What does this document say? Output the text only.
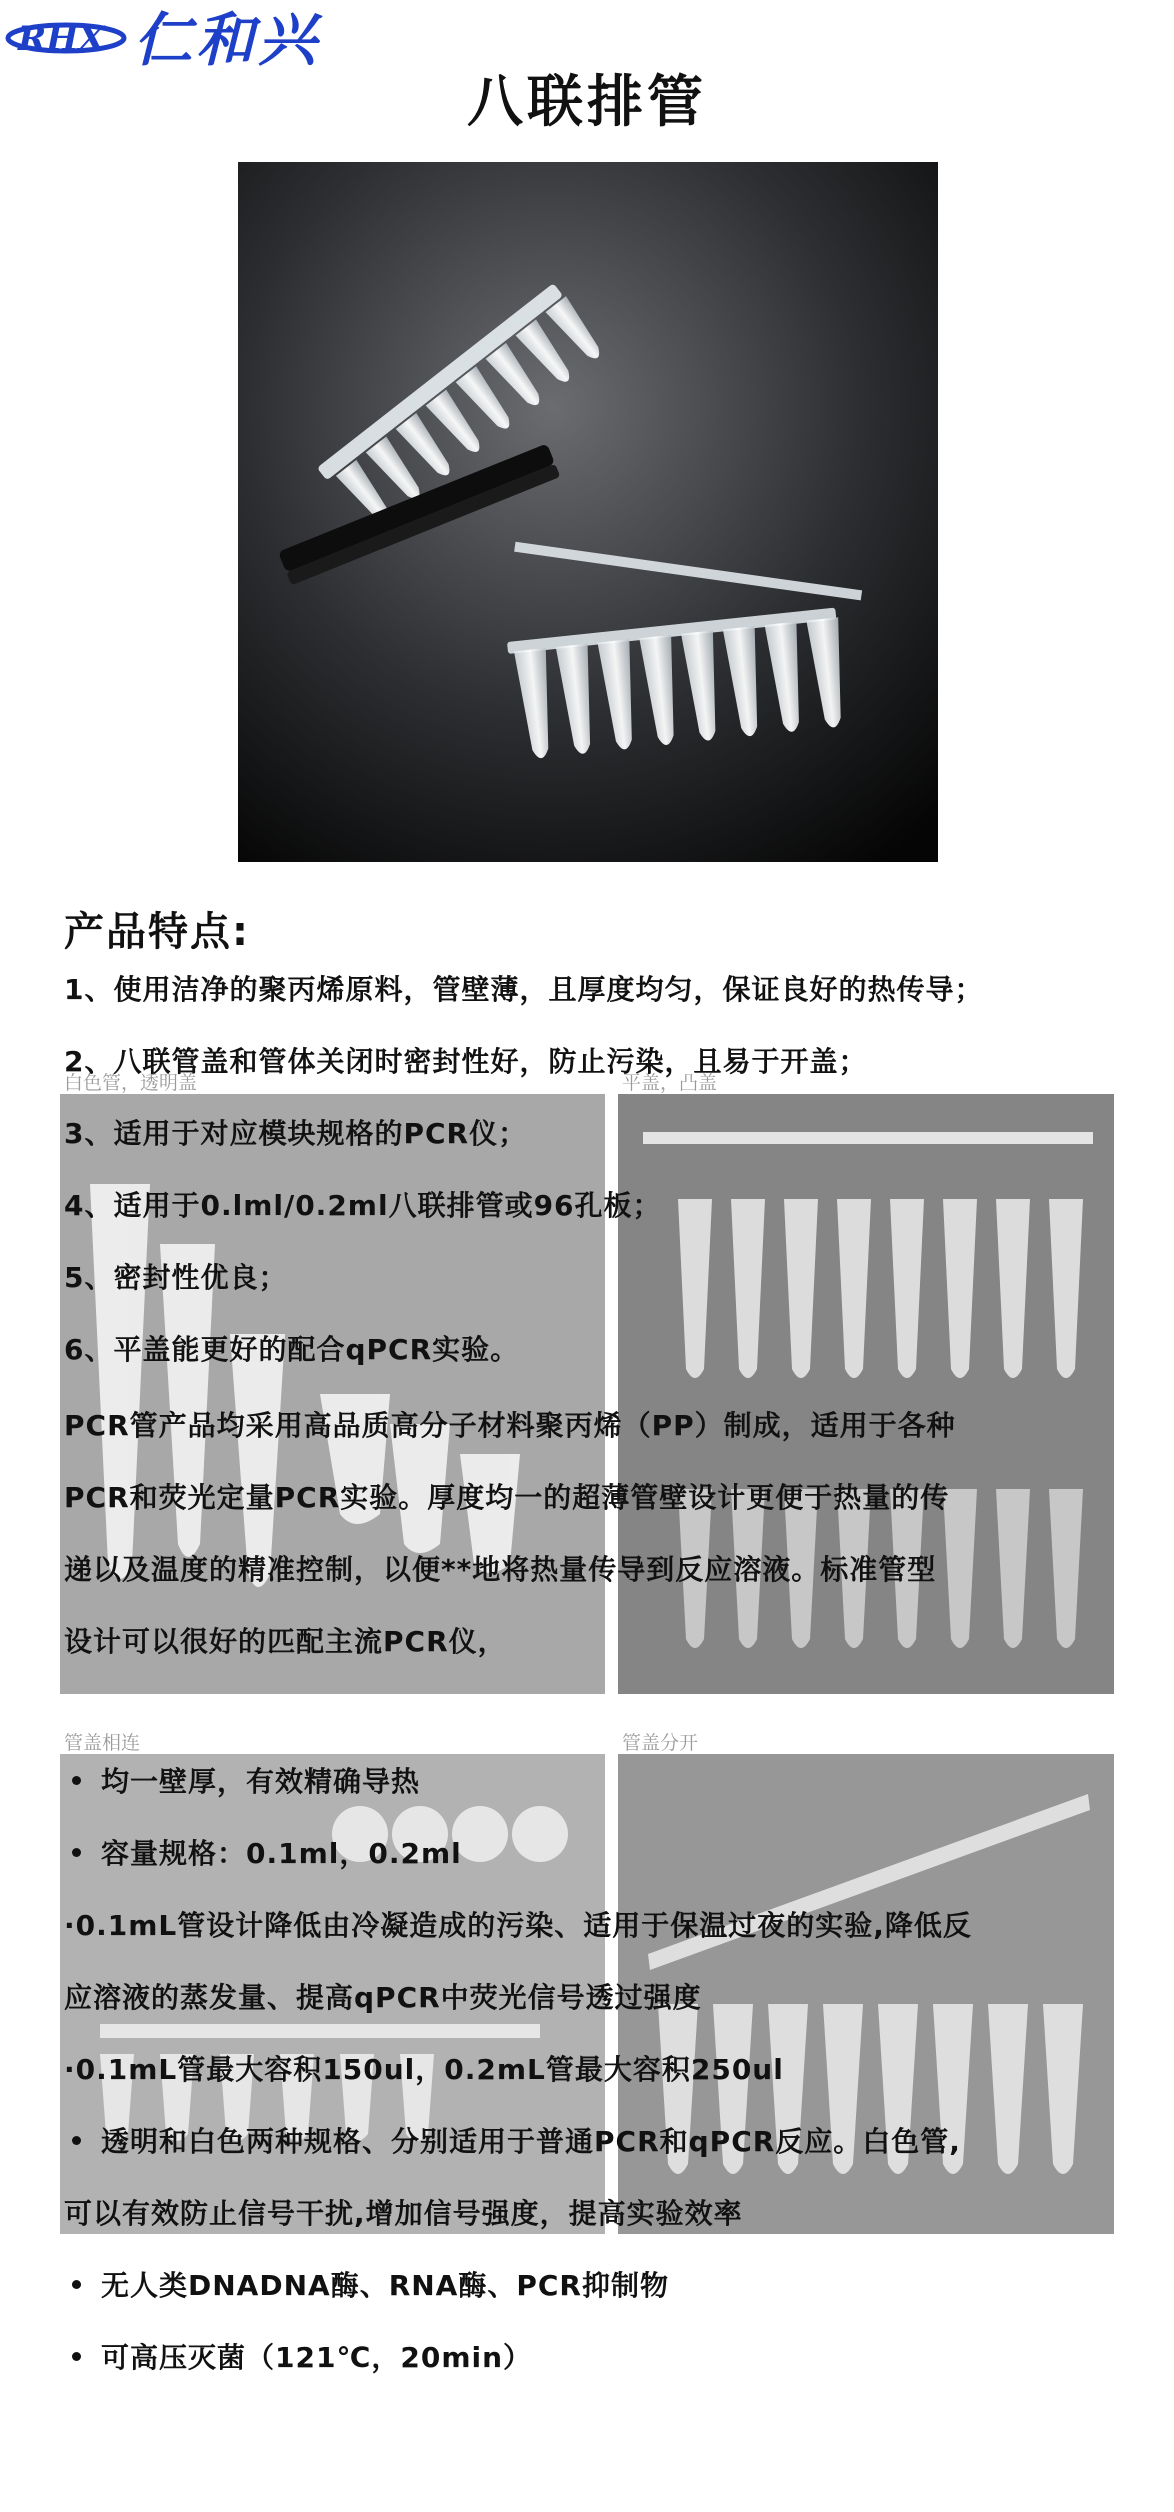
RHX 仁和兴
八联排管
白色管，透明盖	平盖，凸盖
管盖相连	管盖分开
产品特点:
1、使用洁净的聚丙烯原料，管壁薄，且厚度均匀，保证良好的热传导；
2、八联管盖和管体关闭时密封性好，防止污染，且易于开盖；
3、适用于对应模块规格的PCR仪；
4、适用于0.lml/0.2ml八联排管或96孔板；
5、密封性优良；
6、平盖能更好的配合qPCR实验。
PCR管产品均采用高品质高分子材料聚丙烯（PP）制成，适用于各种
PCR和荧光定量PCR实验。厚度均一的超薄管壁设计更便于热量的传
递以及温度的精准控制，以便**地将热量传导到反应溶液。标准管型
设计可以很好的匹配主流PCR仪，
均一壁厚，有效精确导热
容量规格：0.1ml，0.2ml
·0.1mL管设计降低由冷凝造成的污染、适用于保温过夜的实验,降低反
应溶液的蒸发量、提高qPCR中荧光信号透过强度
·0.1mL管最大容积150ul，0.2mL管最大容积250ul
透明和白色两种规格、分别适用于普通PCR和qPCR反应。白色管,
可以有效防止信号干扰,增加信号强度，提高实验效率
无人类DNADNA酶、RNA酶、PCR抑制物
可高压灭菌（121℃，20min）
